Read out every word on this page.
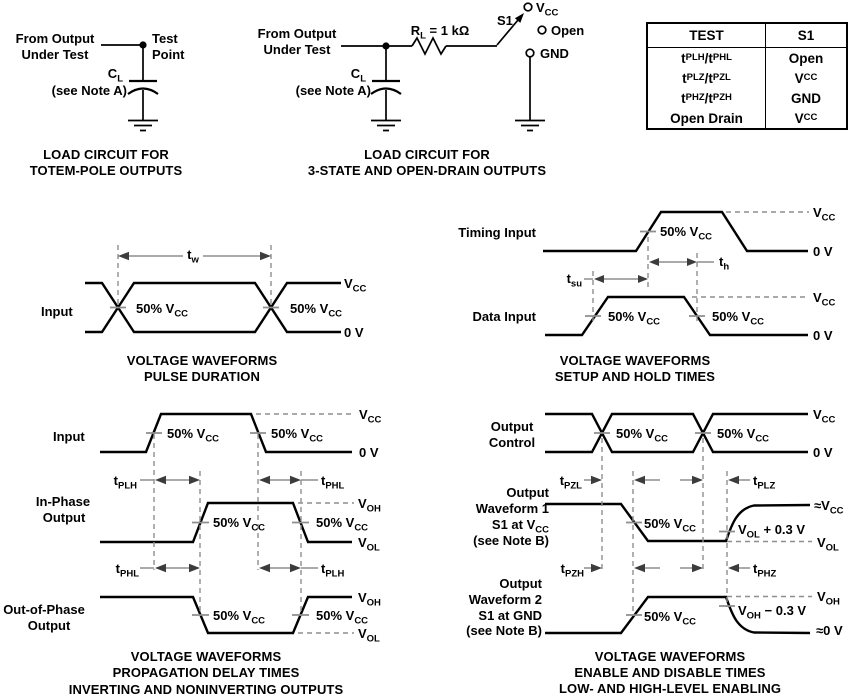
From Output
Under Test
Test
Point
$C_L$
(see Note A)
LOAD CIRCUIT FOR
TOTEM-POLE OUTPUTS
From Output
Under Test
$R_L = 1$ kΩ
S1
$V_{CC}$
Open
GND
$C_L$
(see Note A)
LOAD CIRCUIT FOR
3-STATE AND OPEN-DRAIN OUTPUTS
TEST	S1
t PLH /t PHL	Open
t PLZ /t PZL	V CC
t PHZ /t PZH	GND
Open Drain	V CC
Input
$t_w$
50% $V_{CC}$	50% $V_{CC}$
$V_{CC}$
0 V
VOLTAGE WAVEFORMS
PULSE DURATION
Timing Input
Data Input
$t_{su}$
$t_h$
50% $V_{CC}$
50% $V_{CC}$	50% $V_{CC}$
$V_{CC}$
0 V
$V_{CC}$
0 V
VOLTAGE WAVEFORMS
SETUP AND HOLD TIMES
Input
In-Phase
Output
Out-of-Phase
Output
$t_{PLH}$	$t_{PHL}$
$t_{PHL}$	$t_{PLH}$
50% $V_{CC}$	50% $V_{CC}$
50% $V_{CC}$	50% $V_{CC}$
50% $V_{CC}$	50% $V_{CC}$
$V_{CC}$
0 V
$V_{OH}$
$V_{OL}$
$V_{OH}$
$V_{OL}$
VOLTAGE WAVEFORMS
PROPAGATION DELAY TIMES
INVERTING AND NONINVERTING OUTPUTS
Output
Control
Output
Waveform 1
S1 at $V_{CC}$
(see Note B)
Output
Waveform 2
S1 at GND
(see Note B)
$t_{PZL}$	$t_{PLZ}$
$t_{PZH}$	$t_{PHZ}$
50% $V_{CC}$	50% $V_{CC}$
50% $V_{CC}$
50% $V_{CC}$
$V_{CC}$
0 V
$\approx V_{CC}$
$V_{OL} + 0.3$ V
$V_{OL}$
$V_{OH}$
$V_{OH} - 0.3$ V
≈0 V
VOLTAGE WAVEFORMS
ENABLE AND DISABLE TIMES
LOW- AND HIGH-LEVEL ENABLING
